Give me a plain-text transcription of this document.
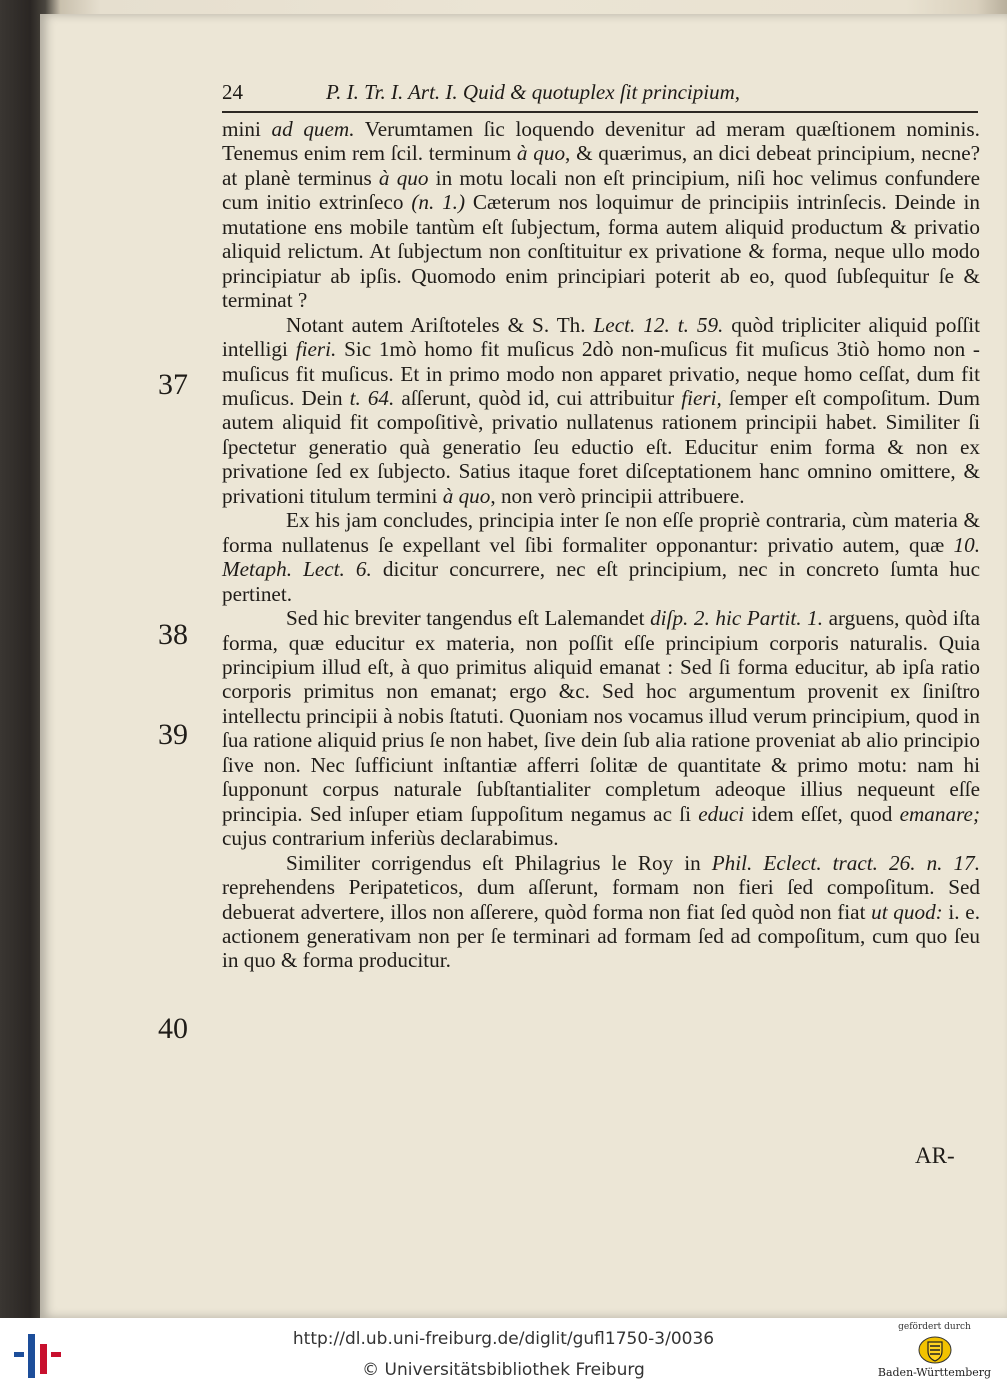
24	P. I. Tr. I. Art. I. Quid & quotuplex ſit principium,
37
38
39
40

mini ad quem. Verumtamen ſic loquendo devenitur ad meram quæſtionem nominis. Tenemus enim rem ſcil. terminum à quo, & quærimus, an dici debeat principium, necne? at planè terminus à quo in motu locali non eſt principium, niſi hoc velimus confundere cum initio extrinſeco (n. 1.) Cæterum nos loquimur de principiis intrinſecis. Deinde in mutatione ens mobile tantùm eſt ſubjectum, forma autem aliquid productum & privatio aliquid relictum. At ſubjectum non conſtituitur ex privatione & forma, neque ullo modo principiatur ab ipſis. Quomodo enim principiari poterit ab eo, quod ſubſequitur ſe & terminat ?

Notant autem Ariſtoteles & S. Th. Lect. 12. t. 59. quòd tripliciter aliquid poſſit intelligi fieri. Sic 1mò homo fit muſicus 2dò non-muſicus fit muſicus 3tiò homo non - muſicus fit muſicus. Et in primo modo non apparet privatio, neque homo ceſſat, dum fit muſicus. Dein t. 64. aſſerunt, quòd id, cui attribuitur fieri, ſemper eſt compoſitum. Dum autem aliquid fit compoſitivè, privatio nullatenus rationem principii habet. Similiter ſi ſpectetur generatio quà generatio ſeu eductio eſt. Educitur enim forma & non ex privatione ſed ex ſubjecto. Satius itaque foret diſceptationem hanc omnino omittere, & privationi titulum termini à quo, non verò principii attribuere.

Ex his jam concludes, principia inter ſe non eſſe propriè contraria, cùm materia & forma nullatenus ſe expellant vel ſibi formaliter opponantur: privatio autem, quæ 10. Metaph. Lect. 6. dicitur concurrere, nec eſt principium, nec in concreto ſumta huc pertinet.

Sed hic breviter tangendus eſt Lalemandet diſp. 2. hic Partit. 1. arguens, quòd iſta forma, quæ educitur ex materia, non poſſit eſſe principium corporis naturalis. Quia principium illud eſt, à quo primitus aliquid emanat : Sed ſi forma educitur, ab ipſa ratio corporis primitus non emanat; ergo &c. Sed hoc argumentum provenit ex ſiniſtro intellectu principii à nobis ſtatuti. Quoniam nos vocamus illud verum principium, quod in ſua ratione aliquid prius ſe non habet, ſive dein ſub alia ratione proveniat ab alio principio ſive non. Nec ſufficiunt inſtantiæ afferri ſolitæ de quantitate & primo motu: nam hi ſupponunt corpus naturale ſubſtantialiter completum adeoque illius nequeunt eſſe principia. Sed inſuper etiam ſuppoſitum negamus ac ſi educi idem eſſet, quod emanare; cujus contrarium inferiùs declarabimus.

Similiter corrigendus eſt Philagrius le Roy in Phil. Eclect. tract. 26. n. 17. reprehendens Peripateticos, dum aſſerunt, formam non fieri ſed compoſitum. Sed debuerat advertere, illos non aſſerere, quòd forma non fiat ſed quòd non fiat ut quod: i. e. actionem generativam non per ſe terminari ad formam ſed ad compoſitum, cum quo ſeu in quo & forma producitur.

AR-
http://dl.ub.uni-freiburg.de/diglit/gufl1750-3/0036
© Universitätsbibliothek Freiburg
gefördert durch
Baden-Württemberg
